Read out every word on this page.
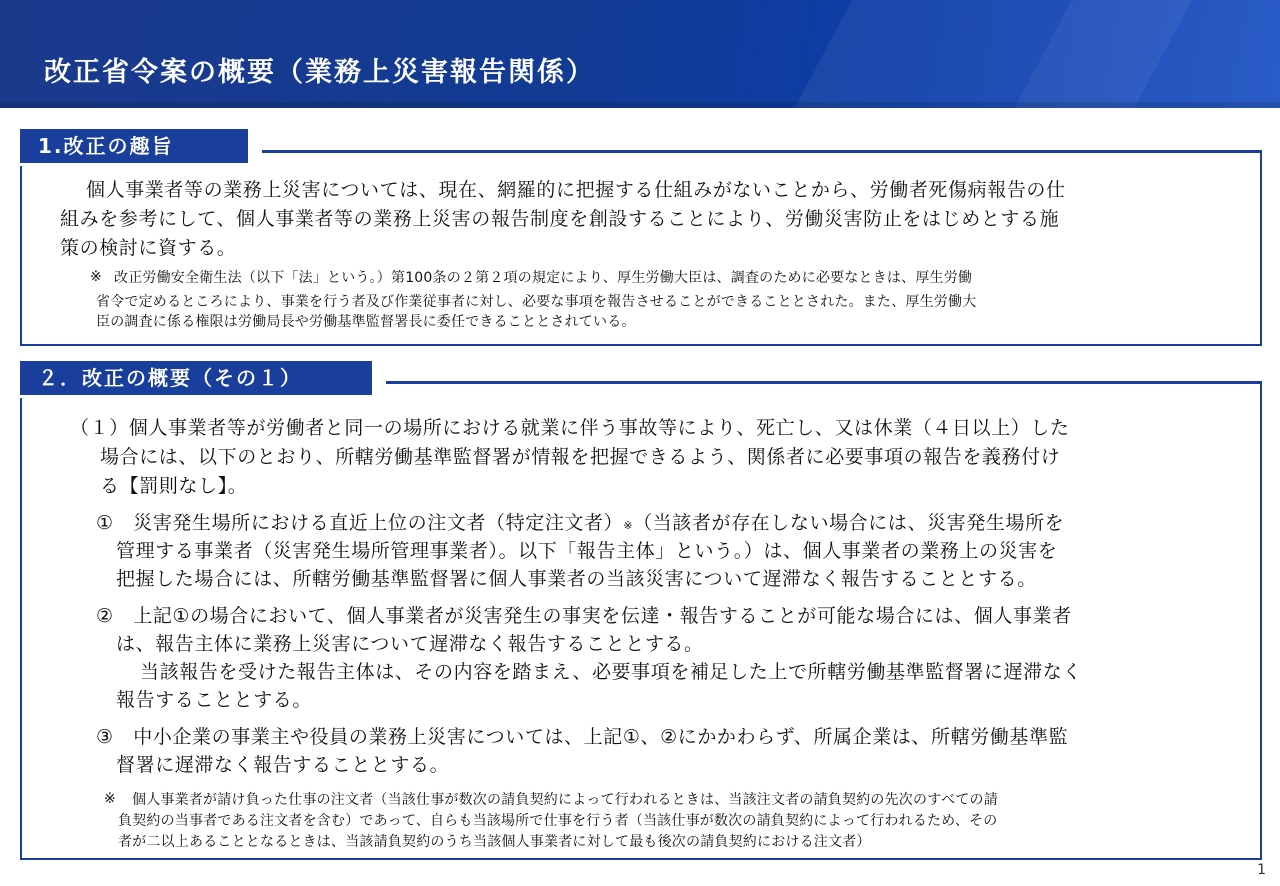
改正省令案の概要（業務上災害報告関係）
1.改正の趣旨
個人事業者等の業務上災害については、現在、網羅的に把握する仕組みがないことから、労働者死傷病報告の仕
組みを参考にして、個人事業者等の業務上災害の報告制度を創設することにより、労働災害防止をはじめとする施
策の検討に資する。
※ 改正労働安全衛生法（以下「法」という。）第100条の２第２項の規定により、厚生労働大臣は、調査のために必要なときは、厚生労働
省令で定めるところにより、事業を行う者及び作業従事者に対し、必要な事項を報告させることができることとされた。また、厚生労働大
臣の調査に係る権限は労働局長や労働基準監督署長に委任できることとされている。
２．改正の概要（その１）
（１）個人事業者等が労働者と同一の場所における就業に伴う事故等により、死亡し、又は休業（４日以上）した
場合には、以下のとおり、所轄労働基準監督署が情報を把握できるよう、関係者に必要事項の報告を義務付け
る【罰則なし】。
①　災害発生場所における直近上位の注文者（特定注文者）※（当該者が存在しない場合には、災害発生場所を
管理する事業者（災害発生場所管理事業者）。以下「報告主体」という。）は、個人事業者の業務上の災害を
把握した場合には、所轄労働基準監督署に個人事業者の当該災害について遅滞なく報告することとする。
②　上記①の場合において、個人事業者が災害発生の事実を伝達・報告することが可能な場合には、個人事業者
は、報告主体に業務上災害について遅滞なく報告することとする。
当該報告を受けた報告主体は、その内容を踏まえ、必要事項を補足した上で所轄労働基準監督署に遅滞なく
報告することとする。
③　中小企業の事業主や役員の業務上災害については、上記①、②にかかわらず、所属企業は、所轄労働基準監
督署に遅滞なく報告することとする。
※ 個人事業者が請け負った仕事の注文者（当該仕事が数次の請負契約によって行われるときは、当該注文者の請負契約の先次のすべての請
負契約の当事者である注文者を含む）であって、自らも当該場所で仕事を行う者（当該仕事が数次の請負契約によって行われるため、その
者が二以上あることとなるときは、当該請負契約のうち当該個人事業者に対して最も後次の請負契約における注文者）
1
